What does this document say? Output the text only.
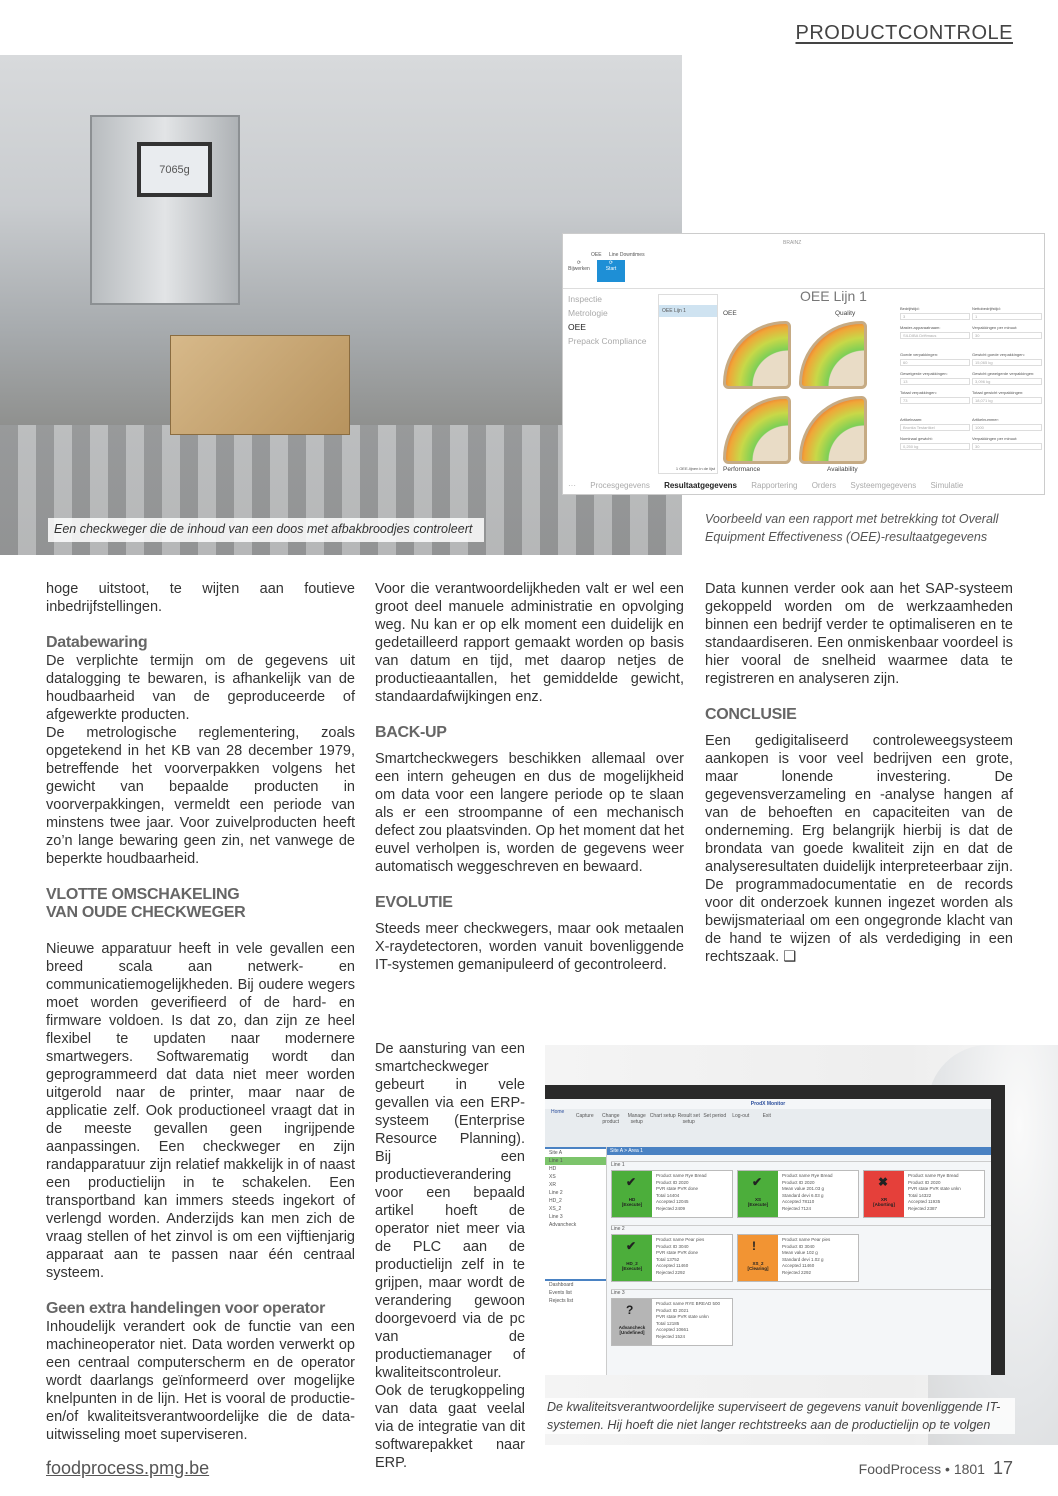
PRODUCTCONTROLE
7065g
Een checkweger die de inhoud van een doos met afbakbroodjes controleert
BRAINZ
OEE Line Downtimes
⟳
Bijwerken
⟳
Start
Inspectie
Metrologie
OEE
Prepack Compliance
OEE Lijn 1
1 OEE-lijnen in de lijst
OEE Lijn 1
OEE	Quality
Performance	Availability
Bedrijfstijd:
3
Nettobedrijfstijd:
1
Master-apparaatnaam:
SILDIBA Driftmaus
Verpakkingen per minuut:
30
Goede verpakkingen:
60
Gewicht goede verpakkingen:
15,065 kg
Geweigerde verpakkingen:
13
Gewicht geweigerde verpakkingen:
3,096 kg
Totaal verpakkingen:
73
Totaal gewicht verpakkingen:
18,071 kg
Artikelnaam:
Brontia Testartikel
Artikelnummer:
1000
Nominaal gewicht:
0,250 kg
Verpakkingen per minuut:
30
··· Procesgegevens Resultaatgegevens Rapportering Orders Systeemgegevens Simulatie
Voorbeeld van een rapport met betrekking tot Overall Equipment Effectiveness (OEE)-resultaatgegevens

hoge uitstoot, te wijten aan foutieve inbedrijfstellingen.

Databewaring

De verplichte termijn om de gegevens uit datalogging te bewaren, is afhankelijk van de houdbaarheid van de geproduceerde of afgewerkte producten.

De metrologische reglementering, zoals opgetekend in het KB van 28 december 1979, betreffende het voorverpakken volgens het gewicht van bepaalde producten in voorverpakkingen, vermeldt een periode van minstens twee jaar. Voor zuivelproducten heeft zo’n lange bewaring geen zin, net vanwege de beperkte houdbaarheid.

VLOTTE OMSCHAKELING
VAN OUDE CHECKWEGER

Nieuwe apparatuur heeft in vele gevallen een breed scala aan netwerk- en communicatiemogelijkheden. Bij oudere wegers moet worden geverifieerd of de hard- en firmware voldoen. Is dat zo, dan zijn ze heel flexibel te updaten naar modernere smartwegers. Softwarematig wordt dan geprogrammeerd dat data niet meer worden uitgerold naar de printer, maar naar de applicatie zelf. Ook productioneel vraagt dat in de meeste gevallen geen ingrijpende aanpassingen. Een checkweger en zijn randapparatuur zijn relatief makkelijk in of naast een productielijn in te schakelen. Een transportband kan immers steeds ingekort of verlengd worden. Anderzijds kan men zich de vraag stellen of het zinvol is om een vijftienjarig apparaat aan te passen naar één centraal systeem.

Geen extra handelingen voor operator

Inhoudelijk verandert ook de functie van een machineoperator niet. Data worden verwerkt op een centraal computerscherm en de operator wordt daarlangs geïnformeerd over mogelijke knelpunten in de lijn. Het is vooral de productie- en/of kwaliteitsverantwoordelijke die de data-uitwisseling moet superviseren.

Voor die verantwoordelijkheden valt er wel een groot deel manuele administratie en opvolging weg. Nu kan er op elk moment een duidelijk en gedetailleerd rapport gemaakt worden op basis van datum en tijd, met daarop netjes de productieaantallen, het gemiddelde gewicht, standaardafwijkingen enz.

BACK-UP

Smartcheckwegers beschikken allemaal over een intern geheugen en dus de mogelijkheid om data voor een langere periode op te slaan als er een stroompanne of een mechanisch defect zou plaatsvinden. Op het moment dat het euvel verholpen is, worden de gegevens weer automatisch weggeschreven en bewaard.

EVOLUTIE

Steeds meer checkwegers, maar ook metaalen X-raydetectoren, worden vanuit bovenliggende IT-systemen gemanipuleerd of gecontroleerd.

De aansturing van een smartcheckweger gebeurt in vele gevallen via een ERP-systeem (Enterprise Resource Planning). Bij een productieverandering voor een bepaald artikel hoeft de operator niet meer via de PLC aan de productielijn zelf in te grijpen, maar wordt de verandering gewoon doorgevoerd via de pc van de productiemanager of kwaliteitscontroleur.

Ook de terugkoppeling van data gaat veelal via de integratie van dit softwarepakket naar ERP.

Data kunnen verder ook aan het SAP-systeem gekoppeld worden om de werkzaamheden binnen een bedrijf verder te optimaliseren en te standaardiseren. Een onmiskenbaar voordeel is hier vooral de snelheid waarmee data te registreren en analyseren zijn.

CONCLUSIE

Een gedigitaliseerd controleweegsysteem aankopen is voor veel bedrijven een grote, maar lonende investering. De gegevensverzameling en -analyse hangen af van de behoeften en capaciteiten van de onderneming. Erg belangrijk hierbij is dat de brondata van goede kwaliteit zijn en dat de analyseresultaten duidelijk interpreteerbaar zijn. De programmadocumentatie en de records voor dit onderzoek kunnen ingezet worden als bewijsmateriaal om een ongegronde klacht van de hand te wijzen of als verdediging in een rechtszaak. ❑

ProdX Monitor
Home Capture Change productManage setupChart setup Result set setupSet period Log-out	Exit
Site A
Line 1
HD
XS
XR
Line 2
HD_2
XS_2
Line 3
Advancheck
Dashboard
Events list
Rejects list
Site A > Area 1
Line 1
✔
HD
[Execute]
Product name Rye Bread
Product ID 2020
PVR state PVR done
Total 14404
Accepted 12045
Rejected 2409
✔
XS
[Execute]
Product name Rye Bread
Product ID 2020
Mean value 201.03 g
Standard devi 6.03 g
Accepted 78110
Rejected 7124
✖
XR
[Aborting]
Product name Rye Bread
Product ID 2020
PVR state PVR state unkn
Total 14322
Accepted 11935
Rejected 2387
Line 2
✔
HD_2
[Execute]
Product name Pear pies
Product ID 3040
PVR state PVR done
Total 13752
Accepted 11460
Rejected 2292
!
XS_2
[Clearing]
Product name Pear pies
Product ID 3040
Mean value 102 g
Standard devi 1.02 g
Accepted 11460
Rejected 2292
Line 3
?
Advancheck
[Undefined]
Product name RYE BREAD 500
Product ID 2021
PVR state PVR state unkn
Total 12185
Accepted 10661
Rejected 1524
De kwaliteitsverantwoordelijke superviseert de gegevens vanuit bovenliggende IT-systemen. Hij hoeft die niet langer rechtstreeks aan de productielijn op te volgen
foodprocess.pmg.be	FoodProcess • 1801 17
